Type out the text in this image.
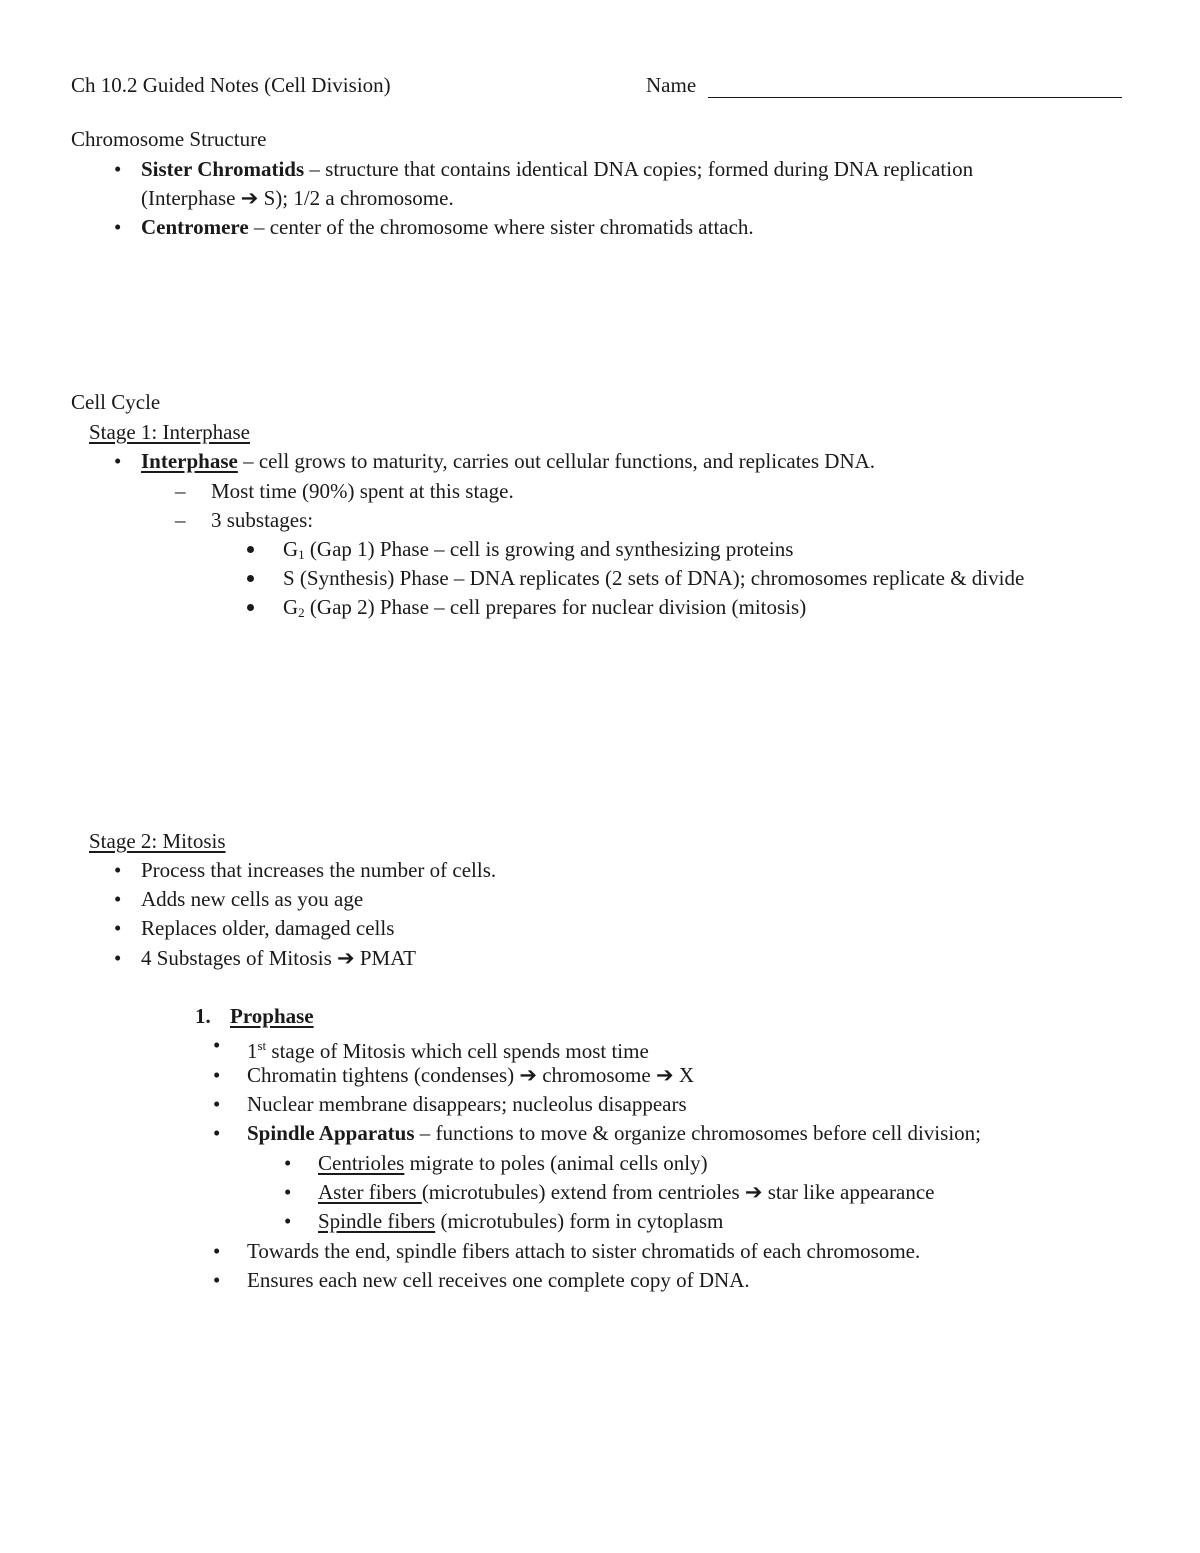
Ch 10.2 Guided Notes (Cell Division)	Name
Chromosome Structure
• Sister Chromatids – structure that contains identical DNA copies; formed during DNA replication
(Interphase ➔ S); 1/2 a chromosome.
• Centromere – center of the chromosome where sister chromatids attach.
Cell Cycle
Stage 1: Interphase
• Interphase – cell grows to maturity, carries out cellular functions, and replicates DNA.
– Most time (90%) spent at this stage.
– 3 substages:
$G_1$ (Gap 1) Phase – cell is growing and synthesizing proteins
S (Synthesis) Phase – DNA replicates (2 sets of DNA); chromosomes replicate & divide
$G_2$ (Gap 2) Phase – cell prepares for nuclear division (mitosis)
Stage 2: Mitosis
• Process that increases the number of cells.
• Adds new cells as you age
• Replaces older, damaged cells
• 4 Substages of Mitosis ➔ PMAT
1. Prophase
• 1st stage of Mitosis which cell spends most time
• Chromatin tightens (condenses) ➔ chromosome ➔ X
• Nuclear membrane disappears; nucleolus disappears
• Spindle Apparatus – functions to move & organize chromosomes before cell division;
• Centrioles migrate to poles (animal cells only)
• Aster fibers (microtubules) extend from centrioles ➔ star like appearance
• Spindle fibers (microtubules) form in cytoplasm
• Towards the end, spindle fibers attach to sister chromatids of each chromosome.
• Ensures each new cell receives one complete copy of DNA.
